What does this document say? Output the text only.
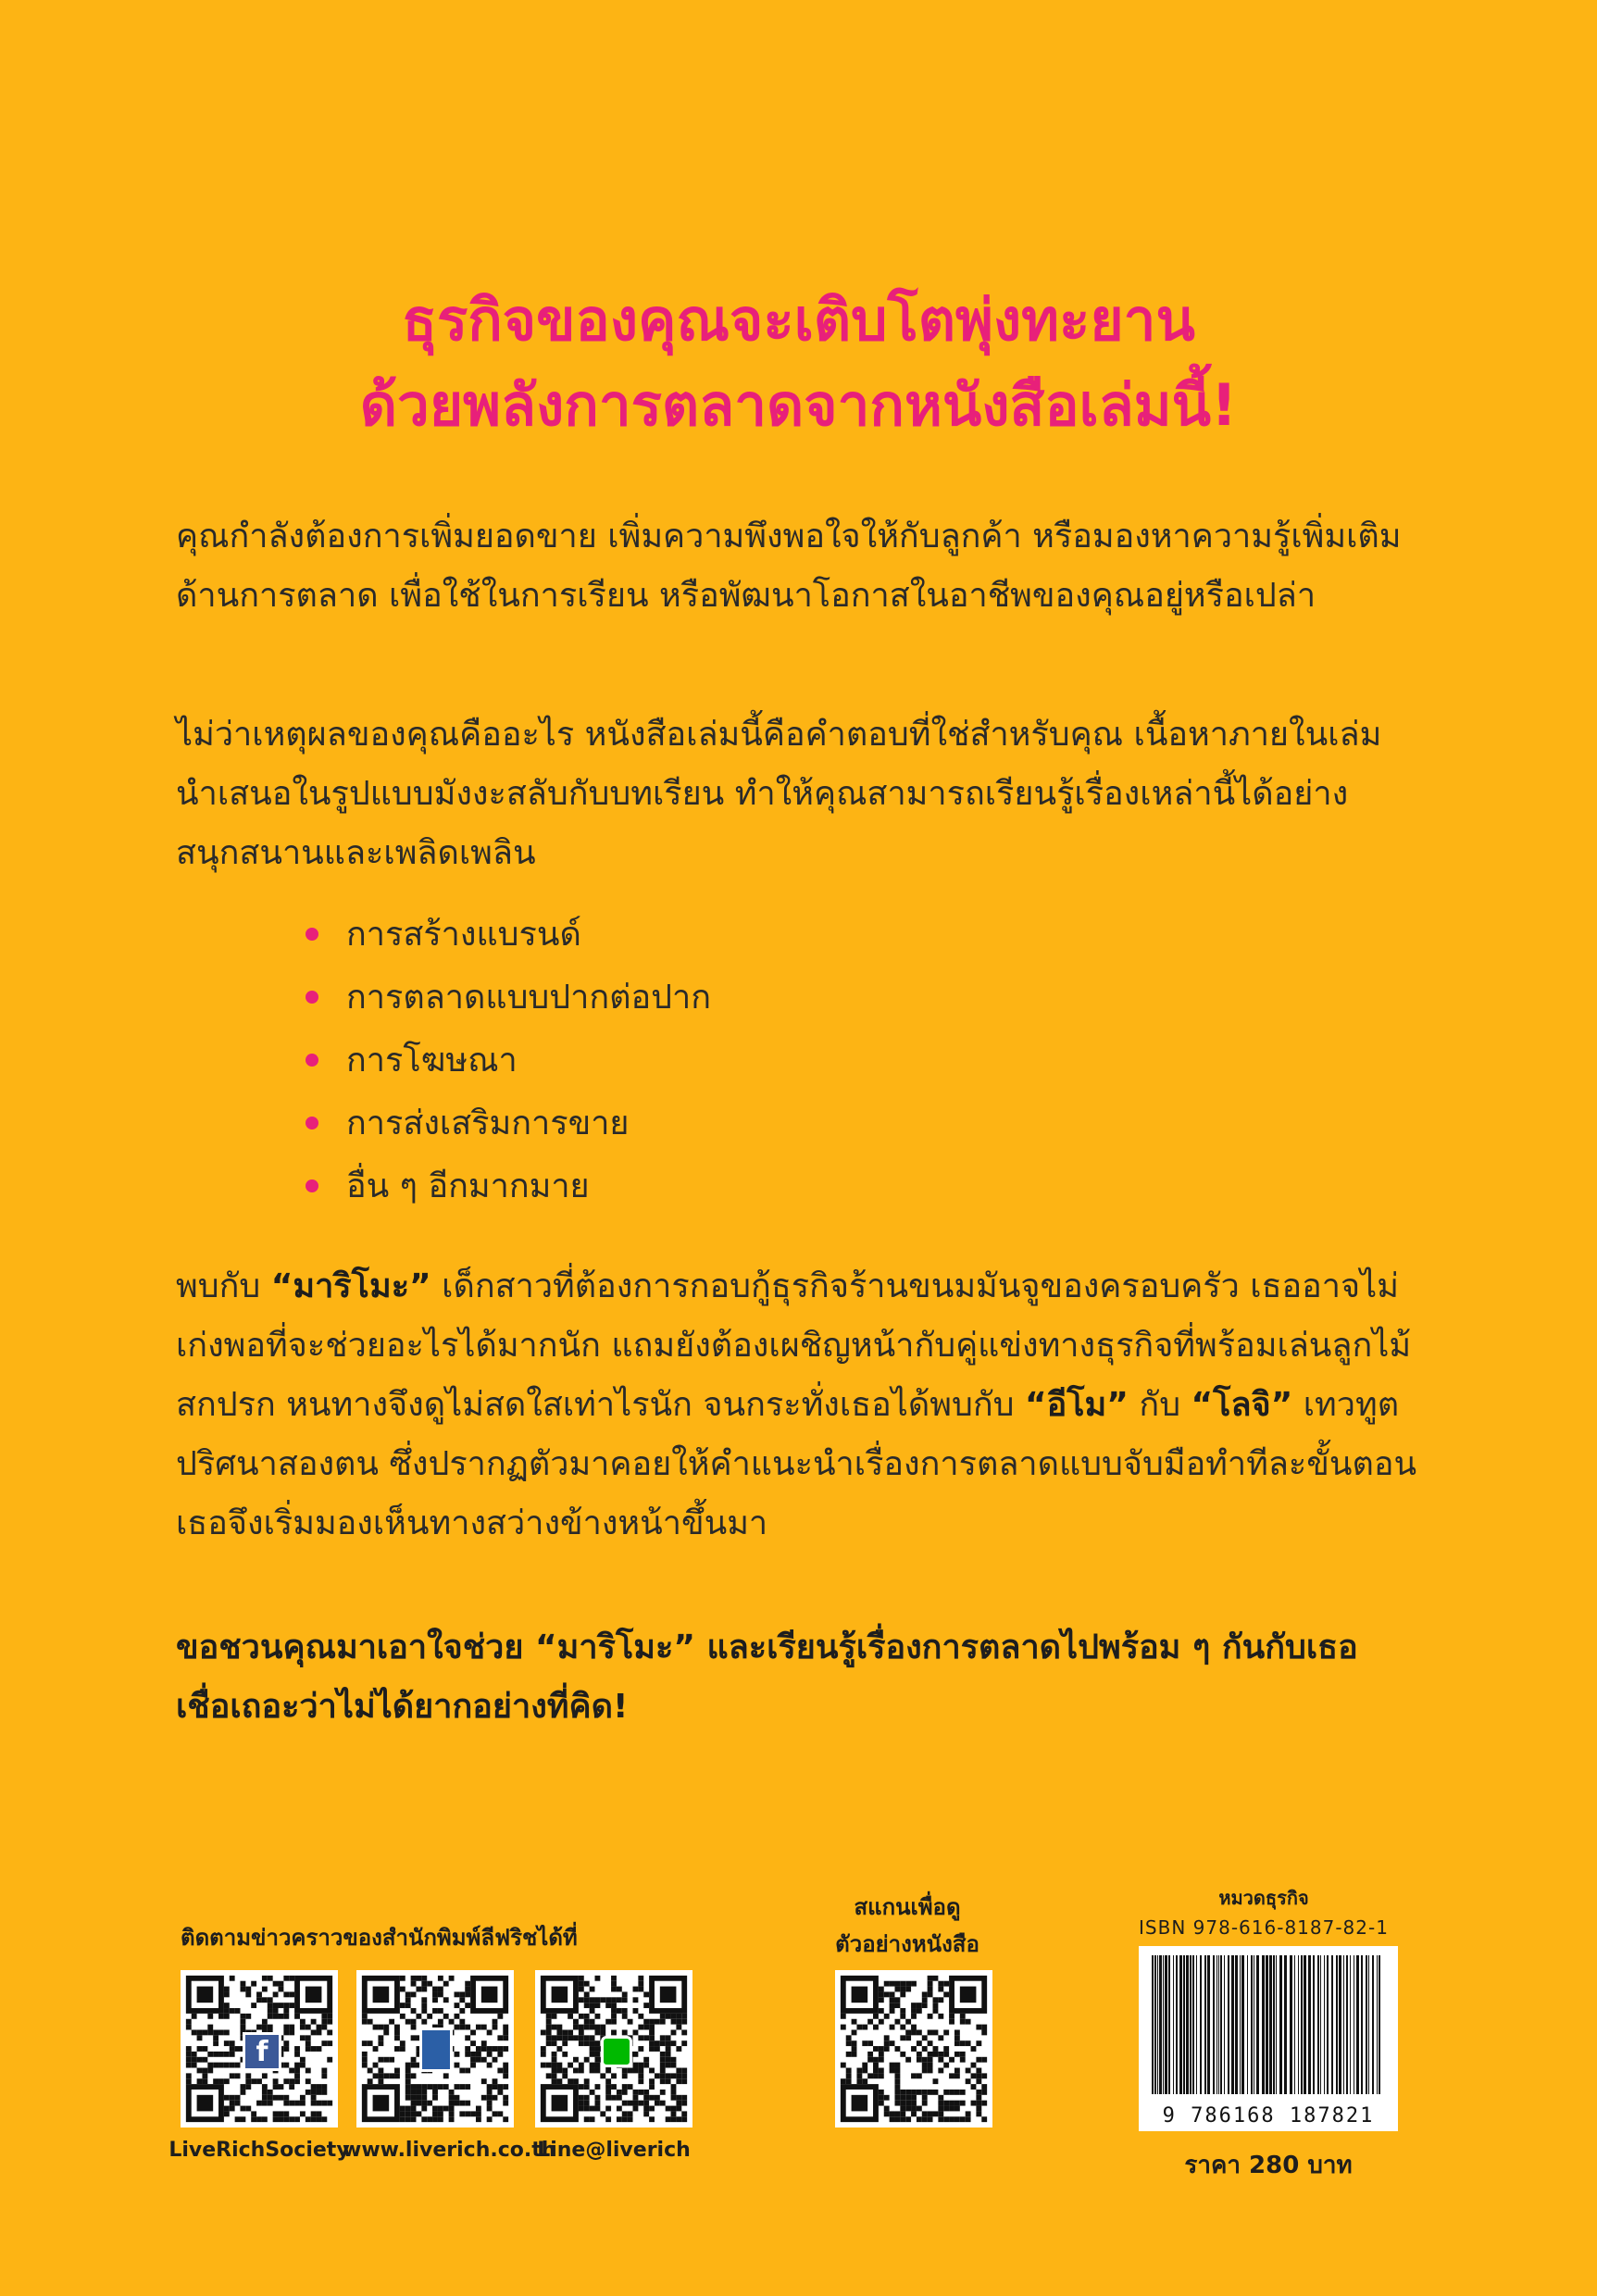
ธุรกิจของคุณจะเติบโตพุ่งทะยาน
ด้วยพลังการตลาดจากหนังสือเล่มนี้!
คุณกำลังต้องการเพิ่มยอดขาย เพิ่มความพึงพอใจให้กับลูกค้า หรือมองหาความรู้เพิ่มเติมด้านการตลาด เพื่อใช้ในการเรียน หรือพัฒนาโอกาสในอาชีพของคุณอยู่หรือเปล่า
ไม่ว่าเหตุผลของคุณคืออะไร หนังสือเล่มนี้คือคำตอบที่ใช่สำหรับคุณ เนื้อหาภายในเล่มนำเสนอในรูปแบบมังงะสลับกับบทเรียน ทำให้คุณสามารถเรียนรู้เรื่องเหล่านี้ได้อย่างสนุกสนานและเพลิดเพลิน
การสร้างแบรนด์
การตลาดแบบปากต่อปาก
การโฆษณา
การส่งเสริมการขาย
อื่น ๆ อีกมากมาย
พบกับ “มาริโมะ” เด็กสาวที่ต้องการกอบกู้ธุรกิจร้านขนมมันจูของครอบครัว เธออาจไม่เก่งพอที่จะช่วยอะไรได้มากนัก แถมยังต้องเผชิญหน้ากับคู่แข่งทางธุรกิจที่พร้อมเล่นลูกไม้สกปรก หนทางจึงดูไม่สดใสเท่าไรนัก จนกระทั่งเธอได้พบกับ “อีโม” กับ “โลจิ” เทวทูตปริศนาสองตน ซึ่งปรากฏตัวมาคอยให้คำแนะนำเรื่องการตลาดแบบจับมือทำทีละขั้นตอน เธอจึงเริ่มมองเห็นทางสว่างข้างหน้าขึ้นมา
ขอชวนคุณมาเอาใจช่วย “มาริโมะ” และเรียนรู้เรื่องการตลาดไปพร้อม ๆ กันกับเธอ เชื่อเถอะว่าไม่ได้ยากอย่างที่คิด!
ติดตามข่าวคราวของสำนักพิมพ์ลีฟริชได้ที่
f
LiveRichSociety
www.liverich.co.th
Line@liverich
สแกนเพื่อดู
ตัวอย่างหนังสือ
หมวดธุรกิจ
ISBN 978-616-8187-82-1
9 786168 187821
ราคา 280 บาท
